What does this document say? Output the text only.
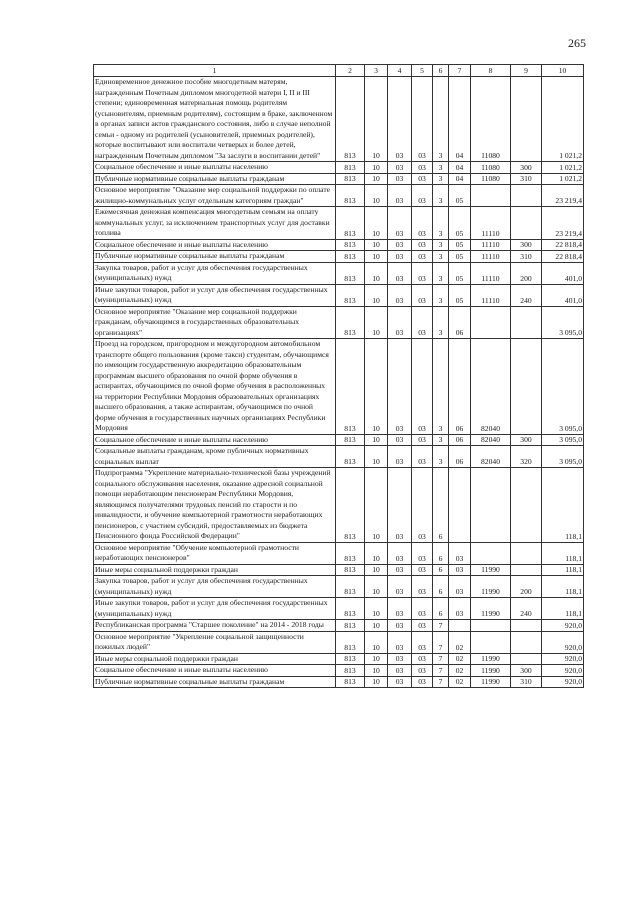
265
1	2	3	4	5	6	7	8	9	10
Единовременное денежное пособие многодетным матерям, награжденным Почетным дипломом многодетной матери I, II и III степени; единовременная материальная помощь родителям (усыновителям, приемным родителям), состоящим в браке, заключенном в органах записи актов гражданского состояния, либо в случае неполной семьи - одному из родителей (усыновителей, приемных родителей), которые воспитывают или воспитали четверых и более детей, награжденным Почетным дипломом "За заслуги в воспитании детей"	813	10	03	03	3	04	11080		1 021,2
Социальное обеспечение и иные выплаты населению	813	10	03	03	3	04	11080	300	1 021,2
Публичные нормативные социальные выплаты гражданам	813	10	03	03	3	04	11080	310	1 021,2
Основное мероприятие "Оказание мер социальной поддержки по оплате жилищно-коммунальных услуг отдельным категориям граждан"	813	10	03	03	3	05			23 219,4
Ежемесячная денежная компенсация многодетным семьям на оплату коммунальных услуг, за исключением транспортных услуг для доставки топлива	813	10	03	03	3	05	11110		23 219,4
Социальное обеспечение и иные выплаты населению	813	10	03	03	3	05	11110	300	22 818,4
Публичные нормативные социальные выплаты гражданам	813	10	03	03	3	05	11110	310	22 818,4
Закупка товаров, работ и услуг для обеспечения государственных (муниципальных) нужд	813	10	03	03	3	05	11110	200	401,0
Иные закупки товаров, работ и услуг для обеспечения государственных (муниципальных) нужд	813	10	03	03	3	05	11110	240	401,0
Основное мероприятие "Оказание мер социальной поддержки гражданам, обучающимся в государственных образовательных организациях"	813	10	03	03	3	06			3 095,0
Проезд на городском, пригородном и междугородном автомобильном транспорте общего пользования (кроме такси) студентам, обучающимся по имеющим государственную аккредитацию образовательным программам высшего образования по очной форме обучения в аспирантах, обучающимся по очной форме обучения в расположенных на территории Республики Мордовия образовательных организациях высшего образования, а также аспирантам, обучающимся по очной форме обучения в государственных научных организациях Республики Мордовия	813	10	03	03	3	06	82040		3 095,0
Социальное обеспечение и иные выплаты населению	813	10	03	03	3	06	82040	300	3 095,0
Социальные выплаты гражданам, кроме публичных нормативных социальных выплат	813	10	03	03	3	06	82040	320	3 095,0
Подпрограмма "Укрепление материально-технической базы учреждений социального обслуживания населения, оказание адресной социальной помощи неработающим пенсионерам Республики Мордовия, являющимся получателями трудовых пенсий по старости и по инвалидности, и обучение компьютерной грамотности неработающих пенсионеров, с участием субсидий, предоставляемых из бюджета Пенсионного фонда Российской Федерации"	813	10	03	03	6				118,1
Основное мероприятие "Обучение компьютерной грамотности неработающих пенсионеров"	813	10	03	03	6	03			118,1
Иные меры социальной поддержки граждан	813	10	03	03	6	03	11990		118,1
Закупка товаров, работ и услуг для обеспечения государственных (муниципальных) нужд	813	10	03	03	6	03	11990	200	118,1
Иные закупки товаров, работ и услуг для обеспечения государственных (муниципальных) нужд	813	10	03	03	6	03	11990	240	118,1
Республиканская программа "Старшее поколение" на 2014 - 2018 годы	813	10	03	03	7				920,0
Основное мероприятие "Укрепление социальной защищенности пожилых людей"	813	10	03	03	7	02			920,0
Иные меры социальной поддержки граждан	813	10	03	03	7	02	11990		920,0
Социальное обеспечение и иные выплаты населению	813	10	03	03	7	02	11990	300	920,0
Публичные нормативные социальные выплаты гражданам	813	10	03	03	7	02	11990	310	920,0
